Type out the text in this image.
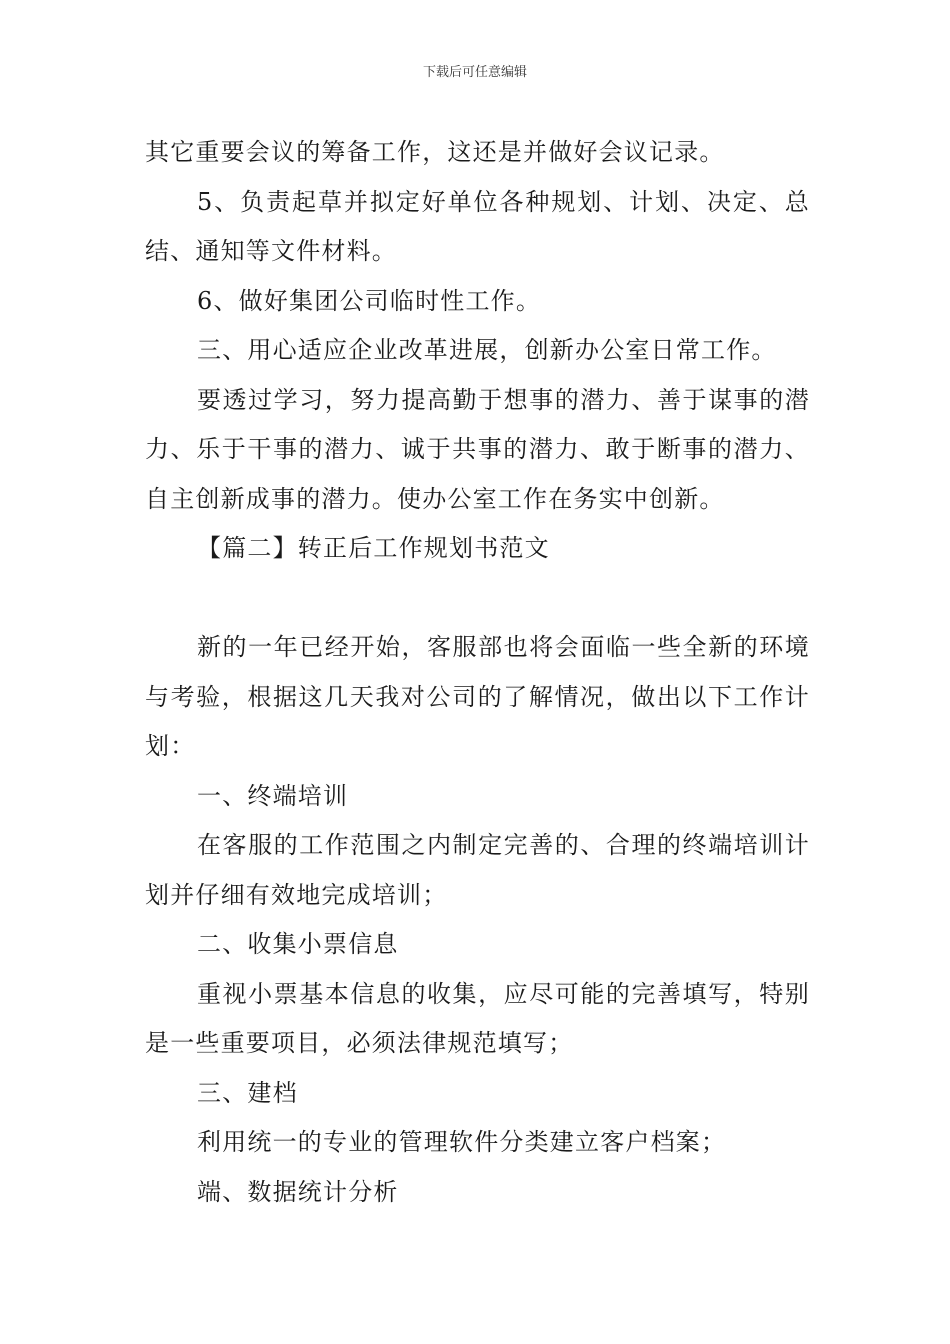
下载后可任意编辑

其它重要会议的筹备工作，这还是并做好会议记录。

5、负责起草并拟定好单位各种规划、计划、决定、总结、通知等文件材料。

6、做好集团公司临时性工作。

三、用心适应企业改革进展，创新办公室日常工作。

要透过学习，努力提高勤于想事的潜力、善于谋事的潜力、乐于干事的潜力、诚于共事的潜力、敢于断事的潜力、自主创新成事的潜力。使办公室工作在务实中创新。

【篇二】转正后工作规划书范文

新的一年已经开始，客服部也将会面临一些全新的环境与考验，根据这几天我对公司的了解情况，做出以下工作计划：

一、终端培训

在客服的工作范围之内制定完善的、合理的终端培训计划并仔细有效地完成培训；

二、收集小票信息

重视小票基本信息的收集，应尽可能的完善填写，特别是一些重要项目，必须法律规范填写；

三、建档

利用统一的专业的管理软件分类建立客户档案；

端、数据统计分析
